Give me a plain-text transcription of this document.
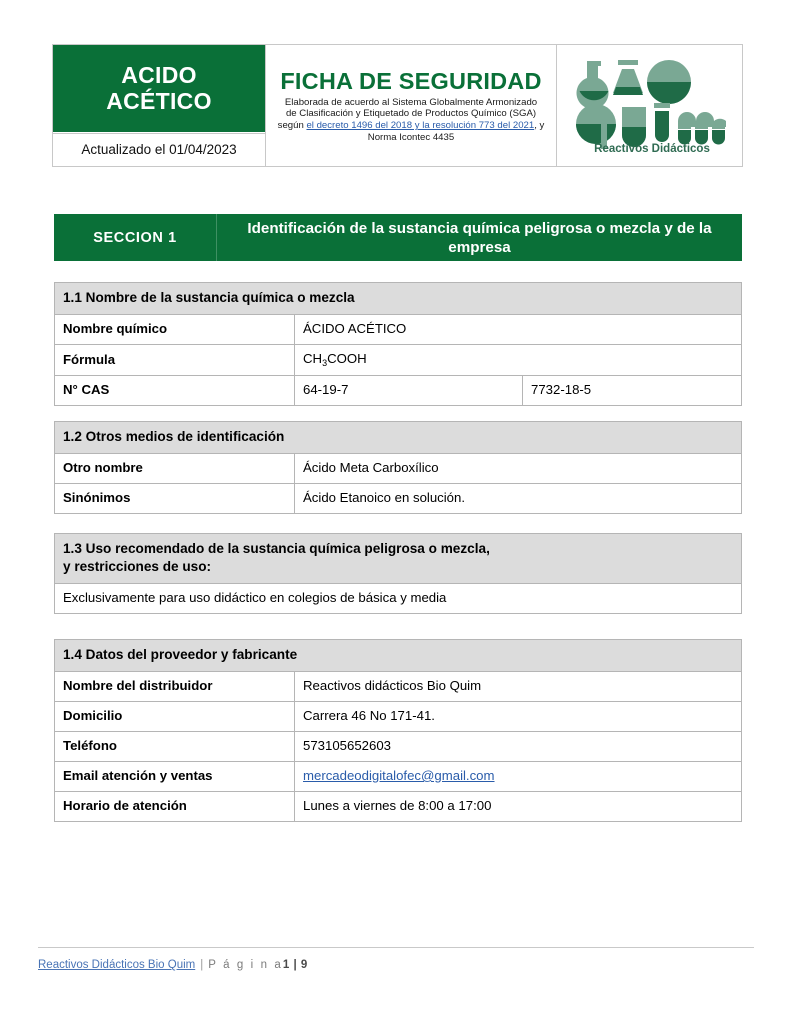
ACIDO
ACÉTICO

FICHA DE SEGURIDAD
Elaborada de acuerdo al Sistema Globalmente Armonizado
de Clasificación y Etiquetado de Productos Químico (SGA)
según el decreto 1496 del 2018 y la resolución 773 del 2021, y Norma Icontec 4435

Reactivos Didácticos

Actualizado el 01/04/2023
SECCION 1
Identificación de la sustancia química peligrosa o mezcla y de la empresa
1.1 Nombre de la sustancia química o mezcla		
Nombre químico	ÁCIDO ACÉTICO	
Fórmula	$CH_3COOH$	
N° CAS	64-19-7	7732-18-5
1.2 Otros medios de identificación	
Otro nombre	Ácido Meta Carboxílico
Sinónimos	Ácido Etanoico en solución.
1.3 Uso recomendado de la sustancia química peligrosa o mezcla,
y restricciones de uso:
Exclusivamente para uso didáctico en colegios de básica y media
1.4 Datos del proveedor y fabricante	
Nombre del distribuidor	Reactivos didácticos Bio Quim
Domicilio	Carrera 46 No 171-41.
Teléfono	573105652603
Email atención y ventas	mercadeodigitalofec@gmail.com
Horario de atención	Lunes a viernes de 8:00 a 17:00
Reactivos Didácticos Bio Quim | P á g i n a1 | 9
